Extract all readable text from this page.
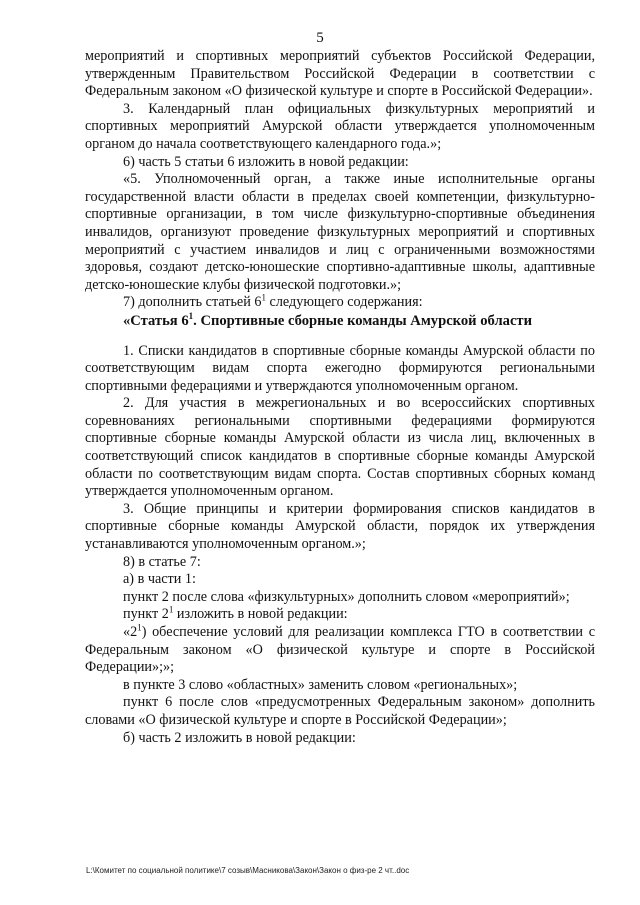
5

мероприятий и спортивных мероприятий субъектов Российской Федерации, утвержденным Правительством Российской Федерации в соответствии с Федеральным законом «О физической культуре и спорте в Российской Федерации».

3. Календарный план официальных физкультурных мероприятий и спортивных мероприятий Амурской области утверждается уполномоченным органом до начала соответствующего календарного года.»;

6) часть 5 статьи 6 изложить в новой редакции:

«5. Уполномоченный орган, а также иные исполнительные органы государственной власти области в пределах своей компетенции, физкультурно-спортивные организации, в том числе физкультурно-спортивные объединения инвалидов, организуют проведение физкультурных мероприятий и спортивных мероприятий с участием инвалидов и лиц с ограниченными возможностями здоровья, создают детско-юношеские спортивно-адаптивные школы, адаптивные детско-юношеские клубы физической подготовки.»;

7) дополнить статьей $6^1$ следующего содержания:

«Статья $6^1$. Спортивные сборные команды Амурской области

1. Списки кандидатов в спортивные сборные команды Амурской области по соответствующим видам спорта ежегодно формируются региональными спортивными федерациями и утверждаются уполномоченным органом.

2. Для участия в межрегиональных и во всероссийских спортивных соревнованиях региональными спортивными федерациями формируются спортивные сборные команды Амурской области из числа лиц, включенных в соответствующий список кандидатов в спортивные сборные команды Амурской области по соответствующим видам спорта. Состав спортивных сборных команд утверждается уполномоченным органом.

3. Общие принципы и критерии формирования списков кандидатов в спортивные сборные команды Амурской области, порядок их утверждения устанавливаются уполномоченным органом.»;

8) в статье 7:

а) в части 1:

пункт 2 после слова «физкультурных» дополнить словом «мероприятий»;

пункт $2^1$ изложить в новой редакции:

«$2^1$) обеспечение условий для реализации комплекса ГТО в соответствии с Федеральным законом «О физической культуре и спорте в Российской Федерации»;»;

в пункте 3 слово «областных» заменить словом «региональных»;

пункт 6 после слов «предусмотренных Федеральным законом» дополнить словами «О физической культуре и спорте в Российской Федерации»;

б) часть 2 изложить в новой редакции:

L:\Комитет по социальной политике\7 созыв\Масникова\Закон\Закон о физ-ре 2 чт..doc
